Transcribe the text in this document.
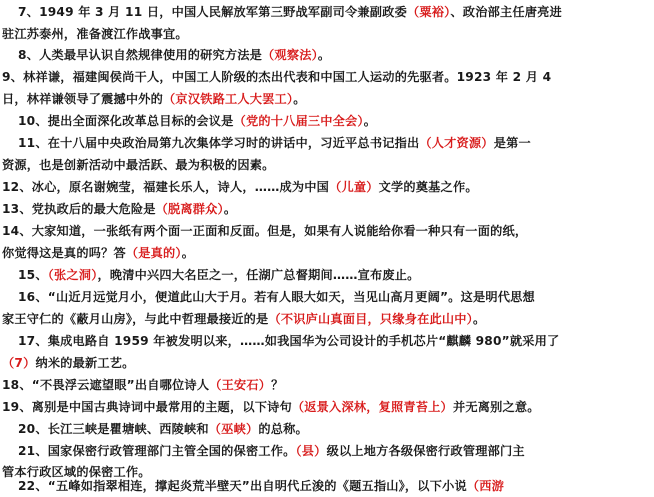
7、1949 年 3 月 11 日，中国人民解放军第三野战军副司令兼副政委（粟裕）、政治部主任唐亮进
驻江苏泰州，准备渡江作战事宜。
8、人类最早认识自然规律使用的研究方法是（观察法）。
9、林祥谦，福建闽侯尚干人，中国工人阶级的杰出代表和中国工人运动的先驱者。1923 年 2 月 4
日，林祥谦领导了震撼中外的（京汉铁路工人大罢工）。
10、提出全面深化改革总目标的会议是（党的十八届三中全会）。
11、在十八届中央政治局第九次集体学习时的讲话中，习近平总书记指出（人才资源）是第一
资源，也是创新活动中最活跃、最为积极的因素。
12、冰心，原名谢婉莹，福建长乐人，诗人，……成为中国（儿童）文学的奠基之作。
13、党执政后的最大危险是（脱离群众）。
14、大家知道，一张纸有两个面一正面和反面。但是，如果有人说能给你看一种只有一面的纸，
你觉得这是真的吗？答（是真的）。
15、（张之洞），晚清中兴四大名臣之一，任湖广总督期间……宣布废止。
16、“山近月远觉月小，便道此山大于月。若有人眼大如天，当见山高月更阔”。这是明代思想
家王守仁的《蔽月山房》，与此中哲理最接近的是（不识庐山真面目，只缘身在此山中）。
17、集成电路自 1959 年被发明以来，……如我国华为公司设计的手机芯片“麒麟 980”就采用了
（7）纳米的最新工艺。
18、“不畏浮云遮望眼”出自哪位诗人（王安石）？
19、离别是中国古典诗词中最常用的主题，以下诗句（返景入深林，复照青苔上）并无离别之意。
20、长江三峡是瞿塘峡、西陵峡和（巫峡）的总称。
21、国家保密行政管理部门主管全国的保密工作。（县）级以上地方各级保密行政管理部门主
管本行政区域的保密工作。
22、“五峰如指翠相连，撑起炎荒半壁天”出自明代丘浚的《题五指山》，以下小说（西游
